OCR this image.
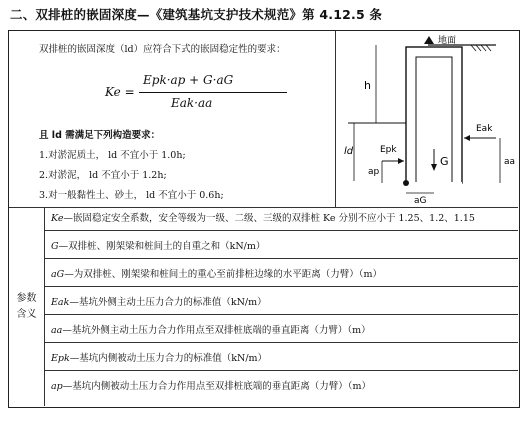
二、双排桩的嵌固深度—《建筑基坑支护技术规范》第 4.12.5 条
双排桩的嵌固深度（ld）应符合下式的嵌固稳定性的要求：
Ke =
Epk·ap + G·aG
Eak·aa
且 ld 需满足下列构造要求：
1.对淤泥质土， ld 不宜小于 1.0h;
2.对淤泥， ld 不宜小于 1.2h;
3.对一般黏性土、砂土， ld 不宜小于 0.6h;
地面
h
ld	Epk
ap
Eak
aa
G
aG
参数含义
Ke—嵌固稳定安全系数，安全等级为一级、二级、三级的双排桩 Ke 分别不应小于 1.25、1.2、1.15
G—双排桩、刚架梁和桩间土的自重之和（kN/m）
aG—为双排桩、刚架梁和桩间土的重心至前排桩边缘的水平距离（力臂）（m）
Eak—基坑外侧主动土压力合力的标准值（kN/m）
aa—基坑外侧主动土压力合力作用点至双排桩底端的垂直距离（力臂）（m）
Epk—基坑内侧被动土压力合力的标准值（kN/m）
ap—基坑内侧被动土压力合力作用点至双排桩底端的垂直距离（力臂）（m）
